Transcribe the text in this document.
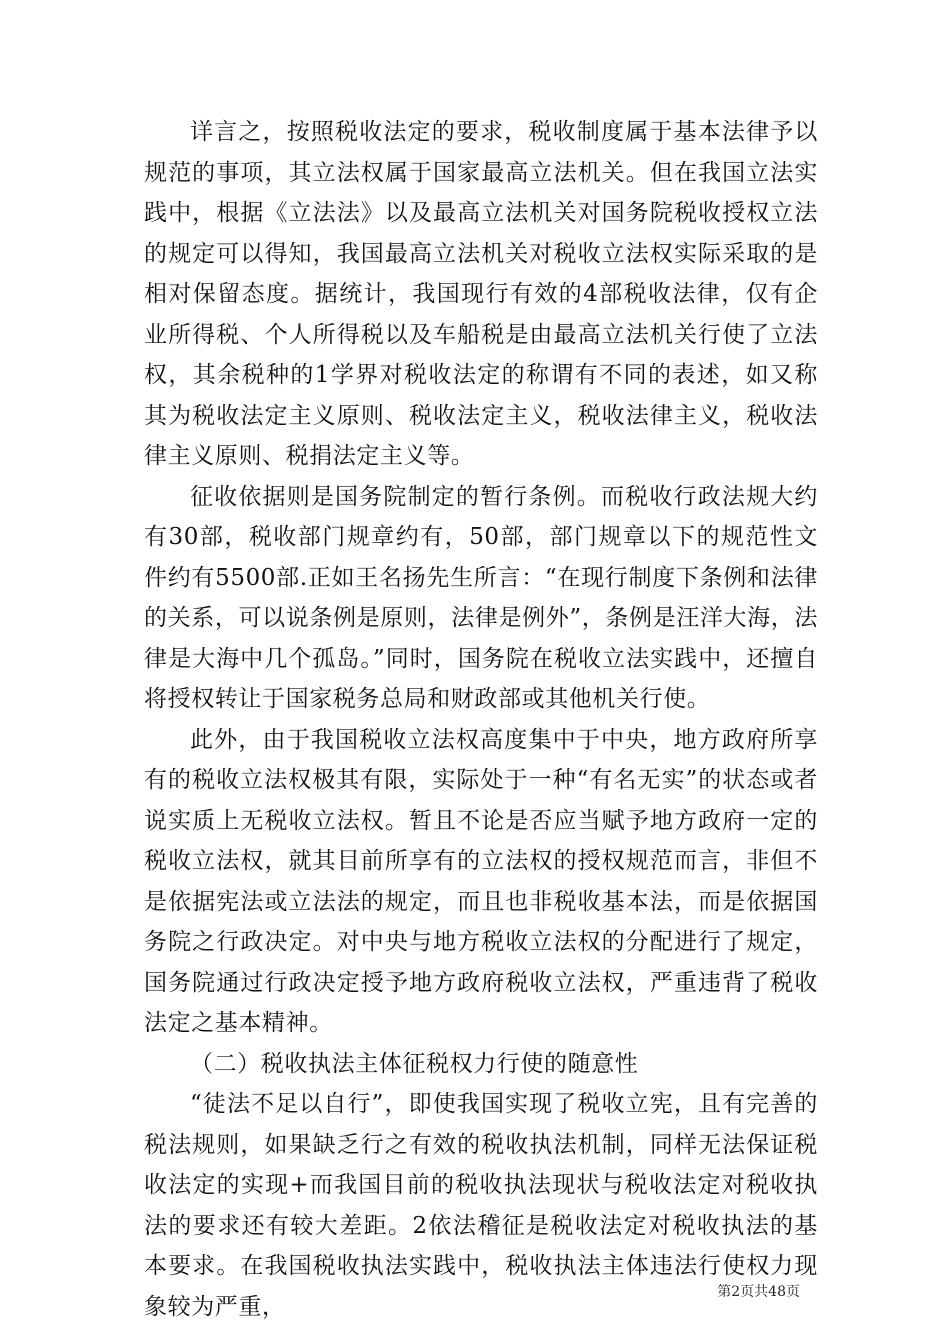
详言之，按照税收法定的要求，税收制度属于基本法律予以规范的事项，其立法权属于国家最高立法机关。但在我国立法实践中，根据《立法法》以及最高立法机关对国务院税收授权立法的规定可以得知，我国最高立法机关对税收立法权实际采取的是相对保留态度。据统计，我国现行有效的4部税收法律，仅有企业所得税、个人所得税以及车船税是由最高立法机关行使了立法权，其余税种的1学界对税收法定的称谓有不同的表述，如又称其为税收法定主义原则、税收法定主义，税收法律主义，税收法律主义原则、税捐法定主义等。

征收依据则是国务院制定的暂行条例。而税收行政法规大约有30部，税收部门规章约有，50部，部门规章以下的规范性文件约有5500部.正如王名扬先生所言：“在现行制度下条例和法律的关系，可以说条例是原则，法律是例外”，条例是汪洋大海，法律是大海中几个孤岛。”同时，国务院在税收立法实践中，还擅自将授权转让于国家税务总局和财政部或其他机关行使。

此外，由于我国税收立法权高度集中于中央，地方政府所享有的税收立法权极其有限，实际处于一种“有名无实”的状态或者说实质上无税收立法权。暂且不论是否应当赋予地方政府一定的税收立法权，就其目前所享有的立法权的授权规范而言，非但不是依据宪法或立法法的规定，而且也非税收基本法，而是依据国务院之行政决定。对中央与地方税收立法权的分配进行了规定，国务院通过行政决定授予地方政府税收立法权，严重违背了税收法定之基本精神。

（二）税收执法主体征税权力行使的随意性

“徒法不足以自行”，即使我国实现了税收立宪，且有完善的税法规则，如果缺乏行之有效的税收执法机制，同样无法保证税收法定的实现+而我国目前的税收执法现状与税收法定对税收执法的要求还有较大差距。2依法稽征是税收法定对税收执法的基本要求。在我国税收执法实践中，税收执法主体违法行使权力现象较为严重，

第2页共48页
